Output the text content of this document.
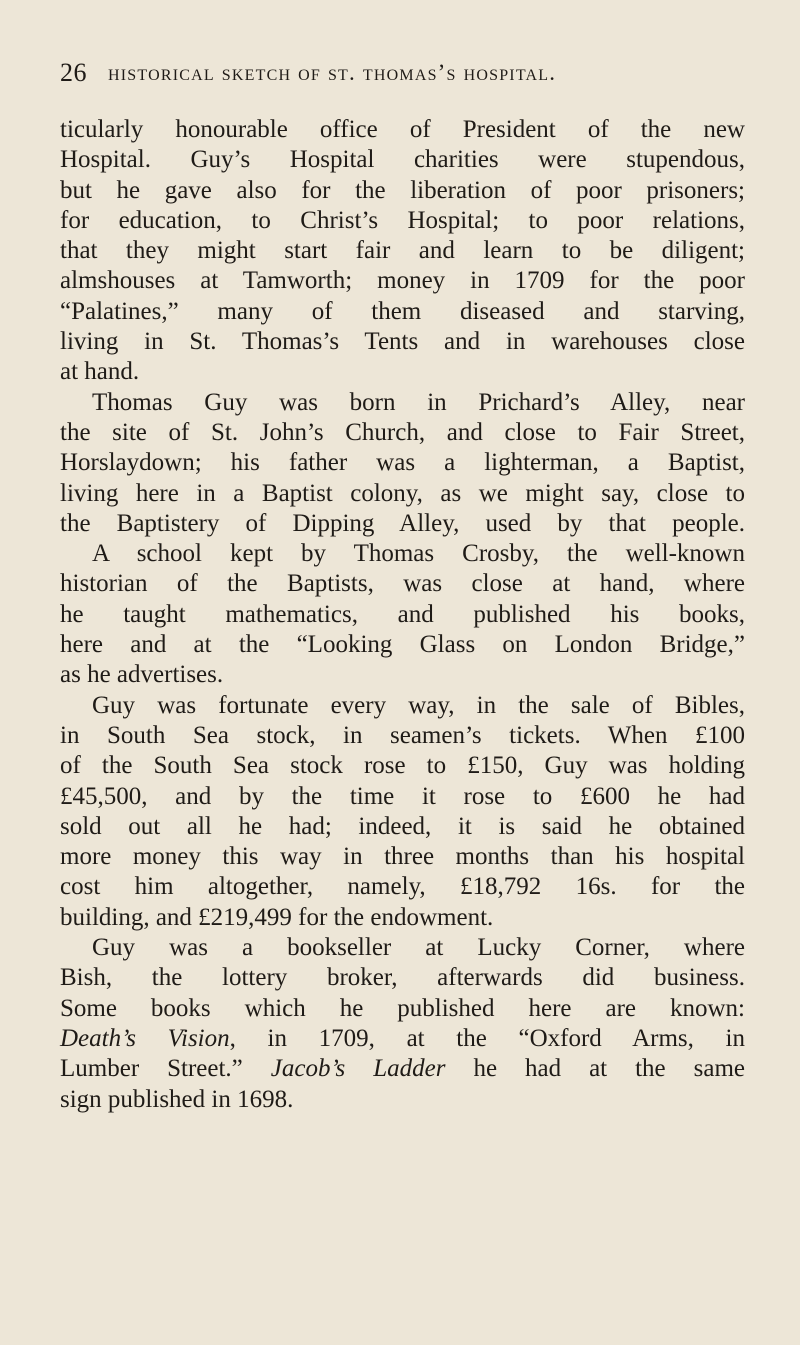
26 historical sketch of st. thomas’s hospital.
ticularly honourable office of President of the new
Hospital. Guy’s Hospital charities were stupendous,
but he gave also for the liberation of poor prisoners;
for education, to Christ’s Hospital; to poor relations,
that they might start fair and learn to be diligent;
almshouses at Tamworth; money in 1709 for the poor
“Palatines,” many of them diseased and starving,
living in St. Thomas’s Tents and in warehouses close
at hand.
Thomas Guy was born in Prichard’s Alley, near
the site of St. John’s Church, and close to Fair Street,
Horslaydown; his father was a lighterman, a Baptist,
living here in a Baptist colony, as we might say, close to
the Baptistery of Dipping Alley, used by that people.
A school kept by Thomas Crosby, the well-known
historian of the Baptists, was close at hand, where
he taught mathematics, and published his books,
here and at the “Looking Glass on London Bridge,”
as he advertises.
Guy was fortunate every way, in the sale of Bibles,
in South Sea stock, in seamen’s tickets. When £100
of the South Sea stock rose to £150, Guy was holding
£45,500, and by the time it rose to £600 he had
sold out all he had; indeed, it is said he obtained
more money this way in three months than his hospital
cost him altogether, namely, £18,792 16s. for the
building, and £219,499 for the endowment.
Guy was a bookseller at Lucky Corner, where
Bish, the lottery broker, afterwards did business.
Some books which he published here are known:
Death’s Vision, in 1709, at the “Oxford Arms, in
Lumber Street.” Jacob’s Ladder he had at the same
sign published in 1698.
